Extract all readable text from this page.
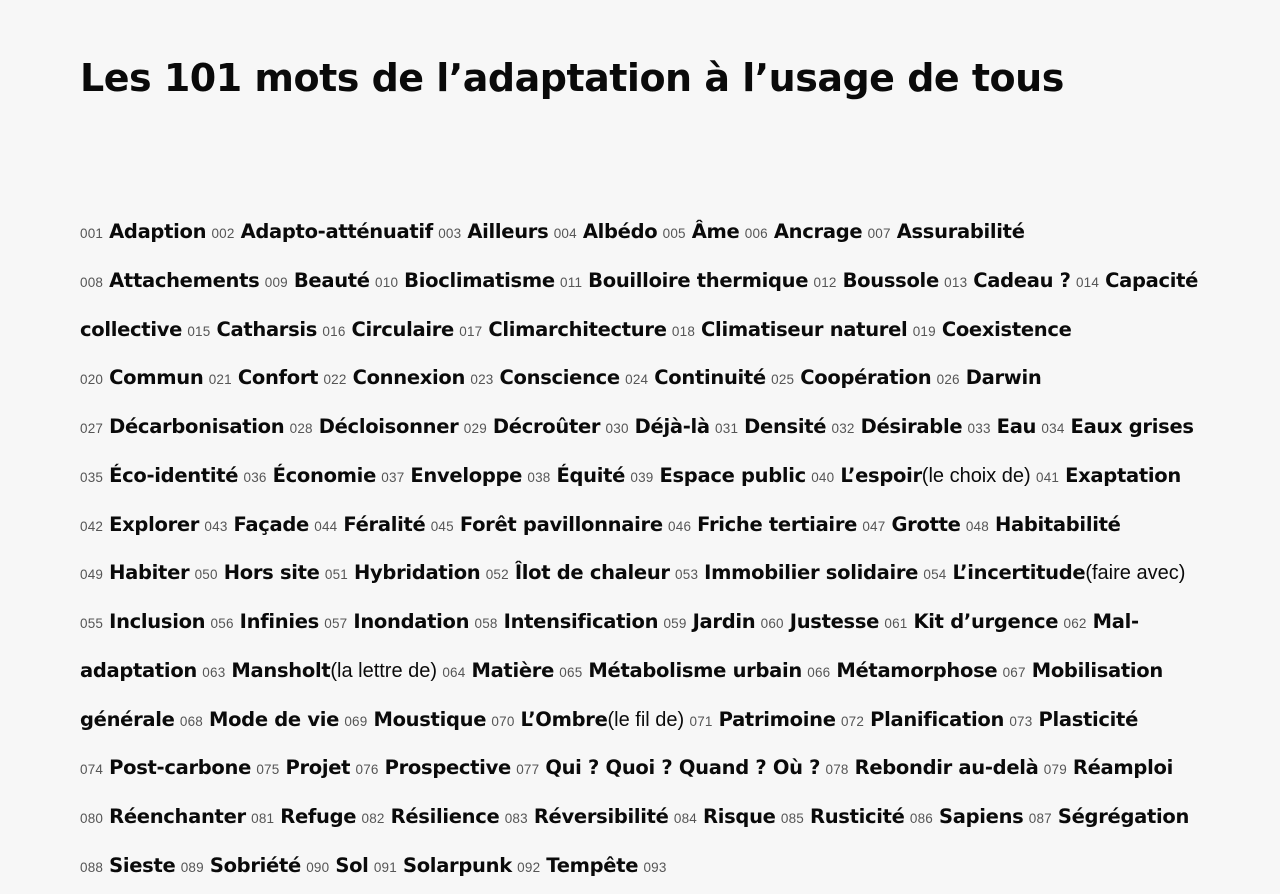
Les 101 mots de l’adaptation à l’usage de tous
001 Adaption 002 Adapto-atténuatif 003 Ailleurs 004 Albédo 005 Âme 006 Ancrage 007 Assurabilité 008 Attachements 009 Beauté 010 Bioclimatisme 011 Bouilloire thermique 012 Boussole 013 Cadeau ? 014 Capacité collective 015 Catharsis 016 Circulaire 017 Climarchitecture 018 Climatiseur naturel 019 Coexistence 020 Commun 021 Confort 022 Connexion 023 Conscience 024 Continuité 025 Coopération 026 Darwin 027 Décarbonisation 028 Décloisonner 029 Décroûter 030 Déjà-là 031 Densité 032 Désirable 033 Eau 034 Eaux grises 035 Éco-identité 036 Économie 037 Enveloppe 038 Équité 039 Espace public 040 L’espoir (le choix de) 041 Exaptation 042 Explorer 043 Façade 044 Féralité 045 Forêt pavillonnaire 046 Friche tertiaire 047 Grotte 048 Habitabilité 049 Habiter 050 Hors site 051 Hybridation 052 Îlot de chaleur 053 Immobilier solidaire 054 L’incertitude (faire avec) 055 Inclusion 056 Infinies 057 Inondation 058 Intensification 059 Jardin 060 Justesse 061 Kit d’urgence 062 Mal-adaptation 063 Mansholt (la lettre de) 064 Matière 065 Métabolisme urbain 066 Métamorphose 067 Mobilisation générale 068 Mode de vie 069 Moustique 070 L’Ombre (le fil de) 071 Patrimoine 072 Planification 073 Plasticité 074 Post-carbone 075 Projet 076 Prospective 077 Qui ? Quoi ? Quand ? Où ? 078 Rebondir au-delà 079 Réamploi 080 Réenchanter 081 Refuge 082 Résilience 083 Réversibilité 084 Risque 085 Rusticité 086 Sapiens 087 Ségrégation 088 Sieste 089 Sobriété 090 Sol 091 Solarpunk 092 Tempête 093
